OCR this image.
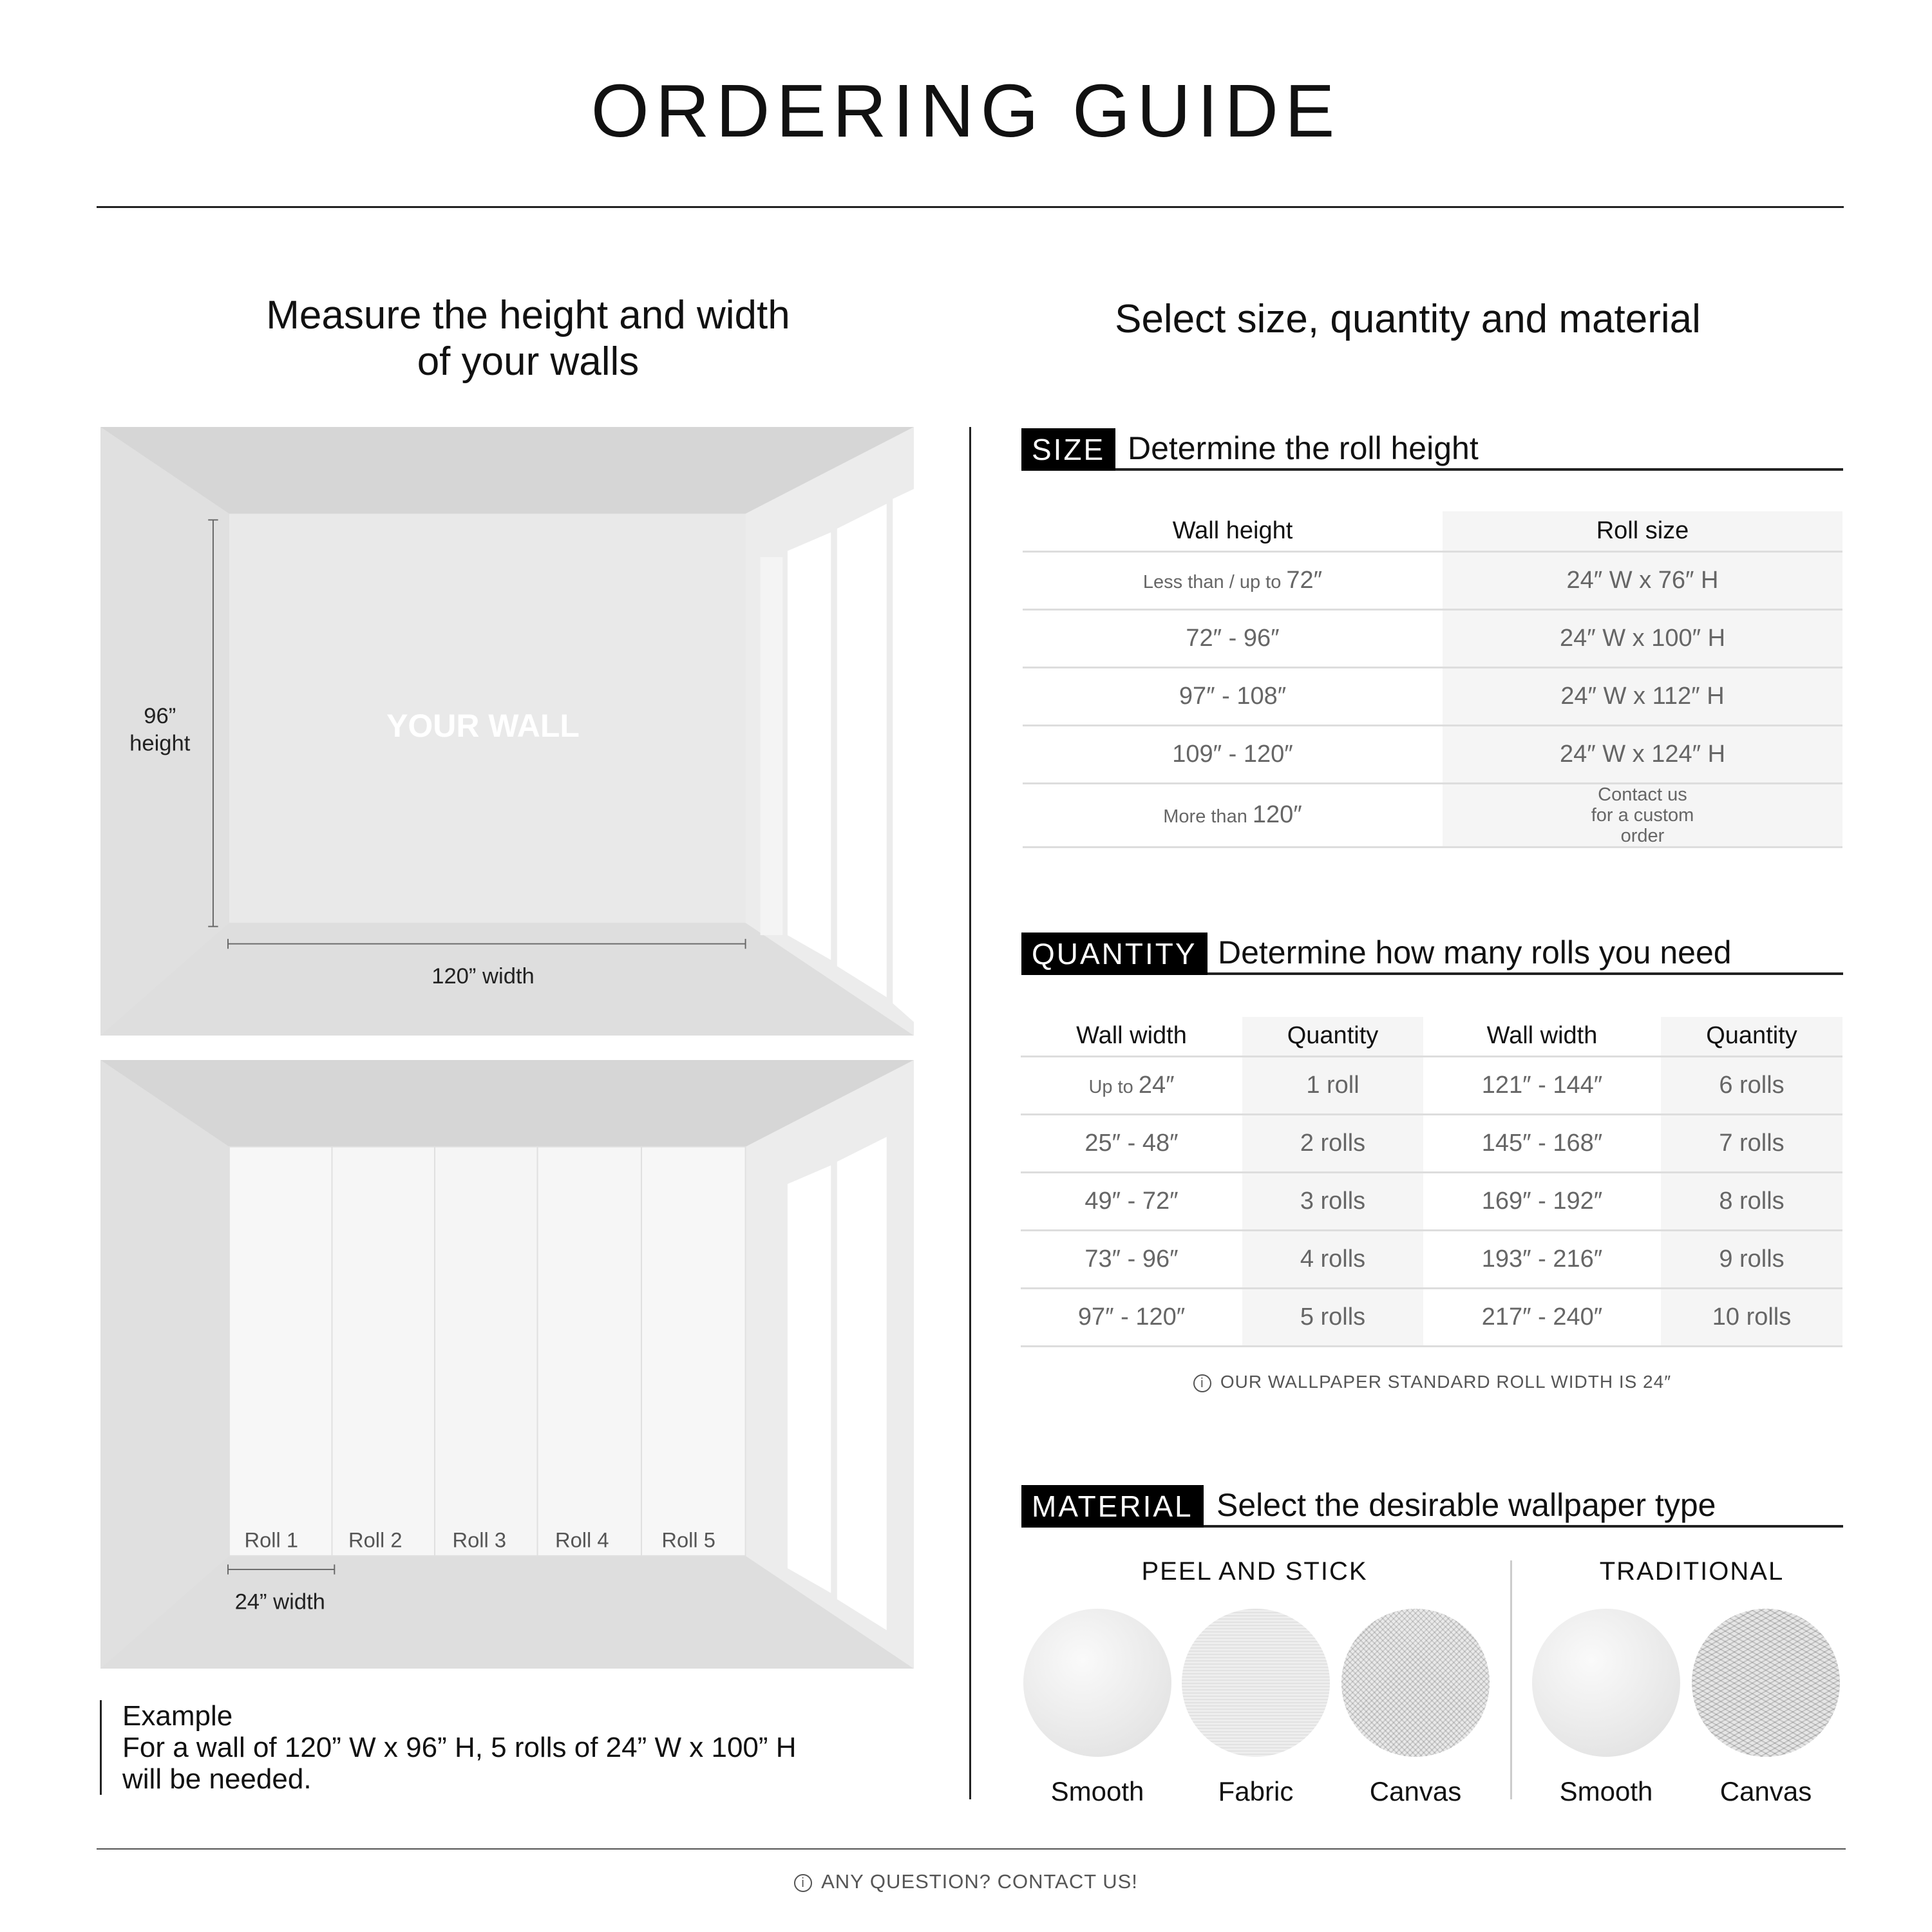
ORDERING GUIDE
Measure the height and width
of your walls
Select size, quantity and material
YOUR WALL
96”
height
120” width
Roll 1	Roll 2	Roll 3	Roll 4	Roll 5
24” width
Example
For a wall of 120” W x 96” H, 5 rolls of 24” W x 100” H
will be needed.
SIZE Determine the roll height
Wall height	Roll size
Less than / up to 72″	24″ W x 76″ H
72″ - 96″	24″ W x 100″ H
97″ - 108″	24″ W x 112″ H
109″ - 120″	24″ W x 124″ H
More than 120″	Contact us for a custom order
QUANTITY Determine how many rolls you need
Wall width	Quantity	Wall width	Quantity
Up to 24″	1 roll	121″ - 144″	6 rolls
25″ - 48″	2 rolls	145″ - 168″	7 rolls
49″ - 72″	3 rolls	169″ - 192″	8 rolls
73″ - 96″	4 rolls	193″ - 216″	9 rolls
97″ - 120″	5 rolls	217″ - 240″	10 rolls
i OUR WALLPAPER STANDARD ROLL WIDTH IS 24″
MATERIAL Select the desirable wallpaper type
PEEL AND STICK	TRADITIONAL
Smooth	Fabric	Canvas	Smooth	Canvas
i ANY QUESTION? CONTACT US!
